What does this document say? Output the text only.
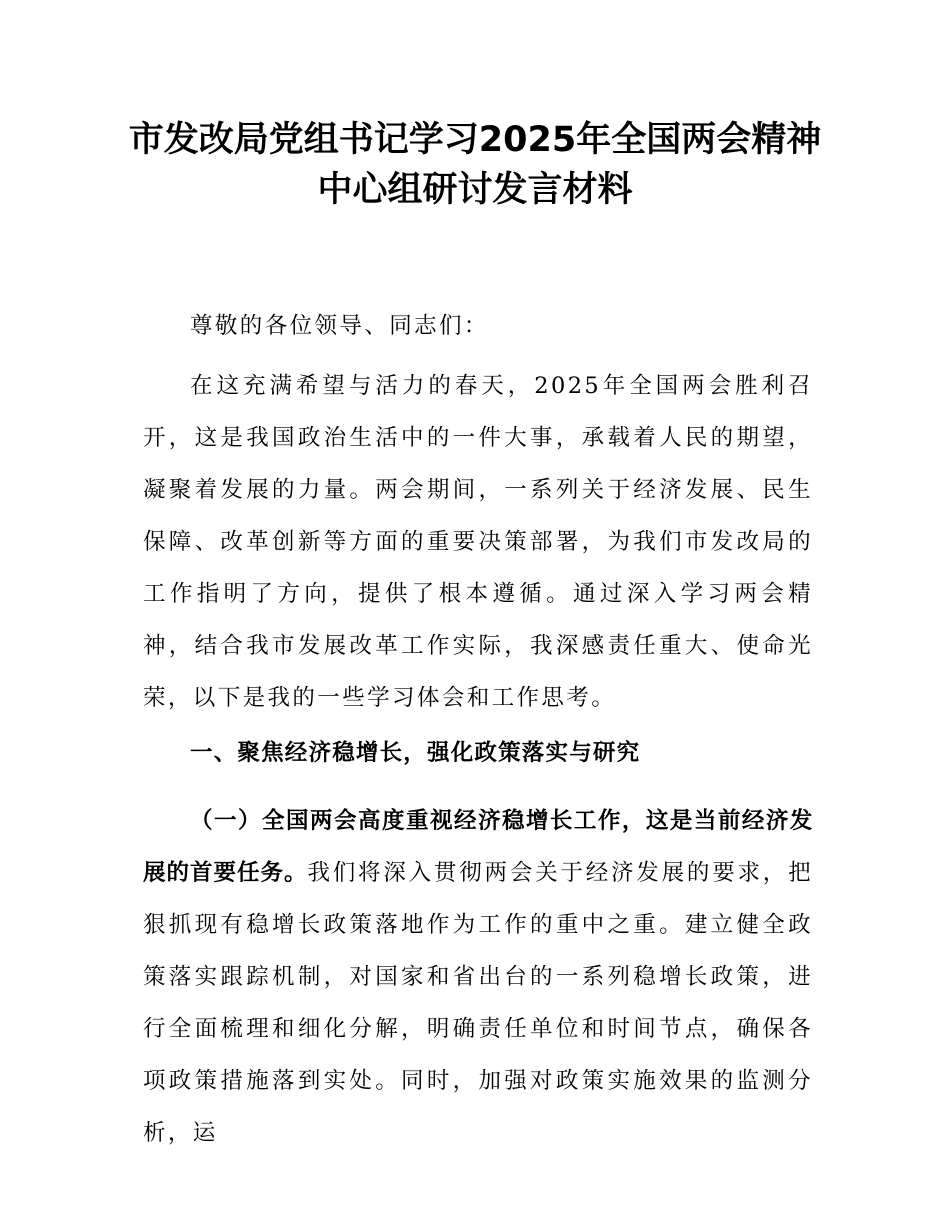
市发改局党组书记学习2025年全国两会精神
中心组研讨发言材料

尊敬的各位领导、同志们：

在这充满希望与活力的春天，2025年全国两会胜利召开，这是我国政治生活中的一件大事，承载着人民的期望，凝聚着发展的力量。两会期间，一系列关于经济发展、民生保障、改革创新等方面的重要决策部署，为我们市发改局的工作指明了方向，提供了根本遵循。通过深入学习两会精神，结合我市发展改革工作实际，我深感责任重大、使命光荣，以下是我的一些学习体会和工作思考。

一、聚焦经济稳增长，强化政策落实与研究

（一）全国两会高度重视经济稳增长工作，这是当前经济发展的首要任务。我们将深入贯彻两会关于经济发展的要求，把狠抓现有稳增长政策落地作为工作的重中之重。建立健全政策落实跟踪机制，对国家和省出台的一系列稳增长政策，进行全面梳理和细化分解，明确责任单位和时间节点，确保各项政策措施落到实处。同时，加强对政策实施效果的监测分析，运
